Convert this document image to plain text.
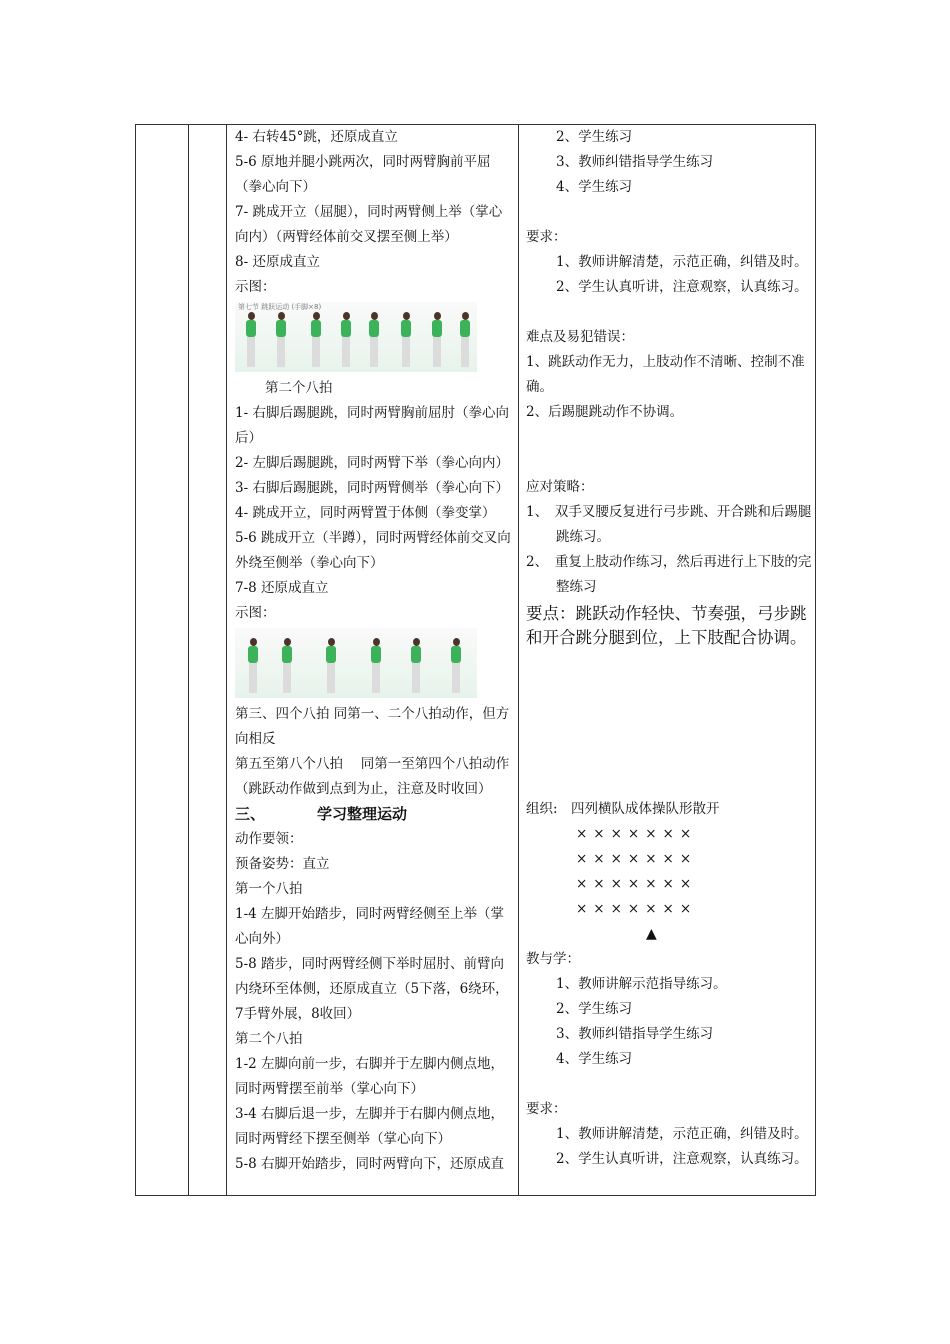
4- 右转45°跳，还原成直立

5-6 原地并腿小跳两次，同时两臂胸前平屈（拳心向下）

7- 跳成开立（屈腿），同时两臂侧上举（掌心向内）（两臂经体前交叉摆至侧上举）

8- 还原成直立

示图：

第七节 跳跃运动 (手脚×8)

第二个八拍

1- 右脚后踢腿跳，同时两臂胸前屈肘（拳心向后）

2- 左脚后踢腿跳，同时两臂下举（拳心向内）

3- 右脚后踢腿跳，同时两臂侧举（拳心向下）

4- 跳成开立，同时两臂置于体侧（拳变掌）

5-6 跳成开立（半蹲），同时两臂经体前交叉向外绕至侧举（拳心向下）

7-8 还原成直立

示图：

第三、四个八拍 同第一、二个八拍动作，但方向相反

第五至第八个八拍　 同第一至第四个八拍动作

（跳跃动作做到点到为止，注意及时收回）

三、	学习整理运动

动作要领：

预备姿势：直立

第一个八拍

1-4 左脚开始踏步，同时两臂经侧至上举（掌心向外）

5-8 踏步，同时两臂经侧下举时屈肘、前臂向内绕环至体侧，还原成直立（5下落，6绕环，7手臂外展，8收回）

第二个八拍

1-2 左脚向前一步，右脚并于左脚内侧点地，同时两臂摆至前举（掌心向下）

3-4 右脚后退一步，左脚并于右脚内侧点地，同时两臂经下摆至侧举（掌心向下）

5-8 右脚开始踏步，同时两臂向下，还原成直

2、学生练习

3、教师纠错指导学生练习

4、学生练习

要求：

1、教师讲解清楚，示范正确，纠错及时。

2、学生认真听讲，注意观察，认真练习。

难点及易犯错误：

1、跳跃动作无力，上肢动作不清晰、控制不准确。

2、后踢腿跳动作不协调。

应对策略：

1、　双手叉腰反复进行弓步跳、开合跳和后踢腿跳练习。

2、　重复上肢动作练习，然后再进行上下肢的完整练习

要点：跳跃动作轻快、节奏强，弓步跳和开合跳分腿到位，上下肢配合协调。

组织:　四列横队成体操队形散开

×××××××

×××××××

×××××××

×××××××

▲

教与学：

1、教师讲解示范指导练习。

2、学生练习

3、教师纠错指导学生练习

4、学生练习

要求：

1、教师讲解清楚，示范正确，纠错及时。

2、学生认真听讲，注意观察，认真练习。
